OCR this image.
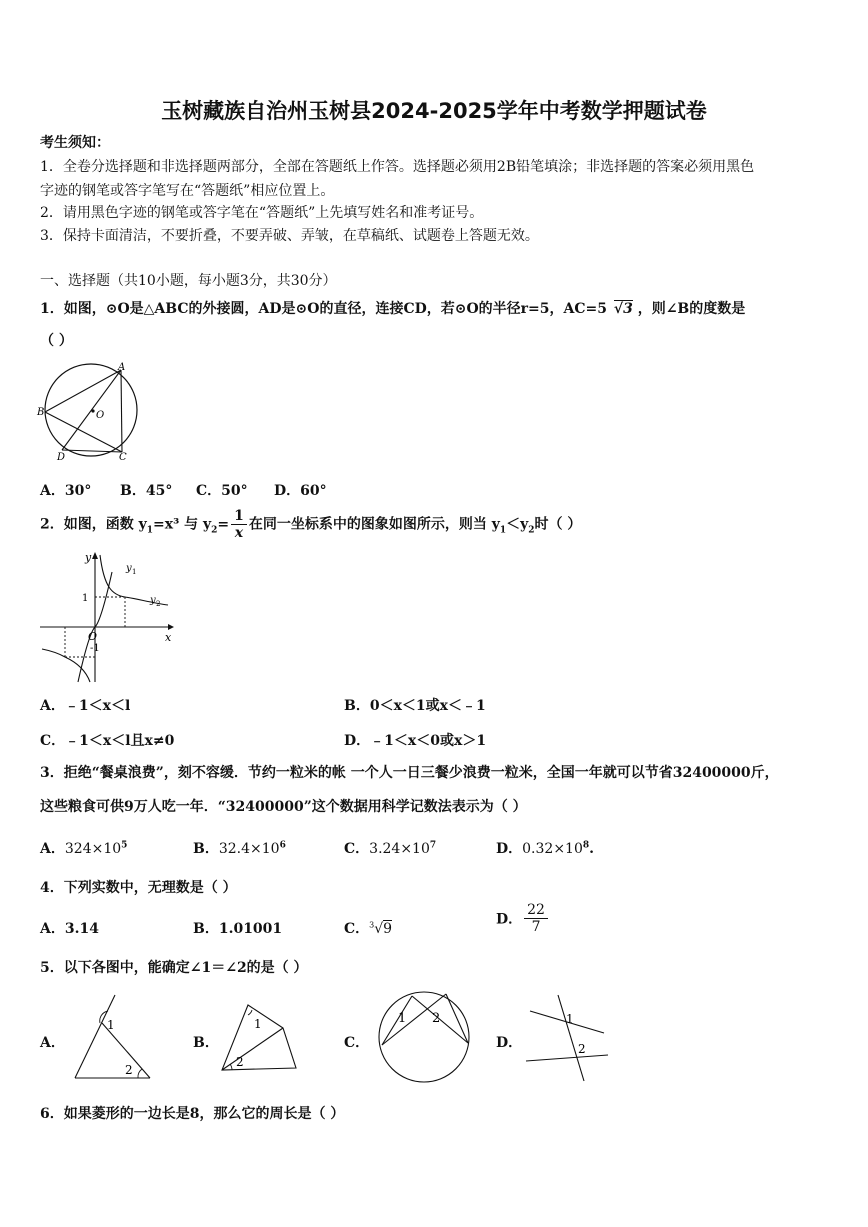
玉树藏族自治州玉树县2024-2025学年中考数学押题试卷
考生须知：
1．全卷分选择题和非选择题两部分，全部在答题纸上作答。选择题必须用2B铅笔填涂；非选择题的答案必须用黑色
字迹的钢笔或答字笔写在“答题纸”相应位置上。
2．请用黑色字迹的钢笔或答字笔在“答题纸”上先填写姓名和准考证号。
3．保持卡面清洁，不要折叠，不要弄破、弄皱，在草稿纸、试题卷上答题无效。
一、选择题（共10小题，每小题3分，共30分）
1．如图，⊙O是△ABC的外接圆，AD是⊙O的直径，连接CD，若⊙O的半径r=5，AC=5 √3 ，则∠B的度数是
（ ）
A
B
C
D
O
A．30° B．45° C．50° D．60°
2．如图，函数 $y_1=x^3$ 与 $y_2= \frac{1}{x}$ 在同一坐标系中的图象如图所示，则当 $y_1<y_2$时（ ）
y
x
O
1
-1
y 1
y 2
A．﹣1＜x＜l	B．0＜x＜1或x＜﹣1
C．﹣1＜x＜l且x≠0	D．﹣1＜x＜0或x＞1
3．拒绝“餐桌浪费”，刻不容缓．节约一粒米的帐 一个人一日三餐少浪费一粒米，全国一年就可以节省32400000斤，
这些粮食可供9万人吃一年．“32400000”这个数据用科学记数法表示为（ ）
A．$324\times 10^5$	B．$32.4\times 10^6$	C．$3.24\times 10^7$	D．$0.32\times 10^8$.
4．下列实数中，无理数是（ ）
A．3.14	B．1.01001	C．$^3$√9
D． $\frac{22}{7}$
5．以下各图中，能确定∠1＝∠2的是（ ）
A．
1
2
B．
1
2
C．
1 2
D．
1
2
6．如果菱形的一边长是8，那么它的周长是（ ）
